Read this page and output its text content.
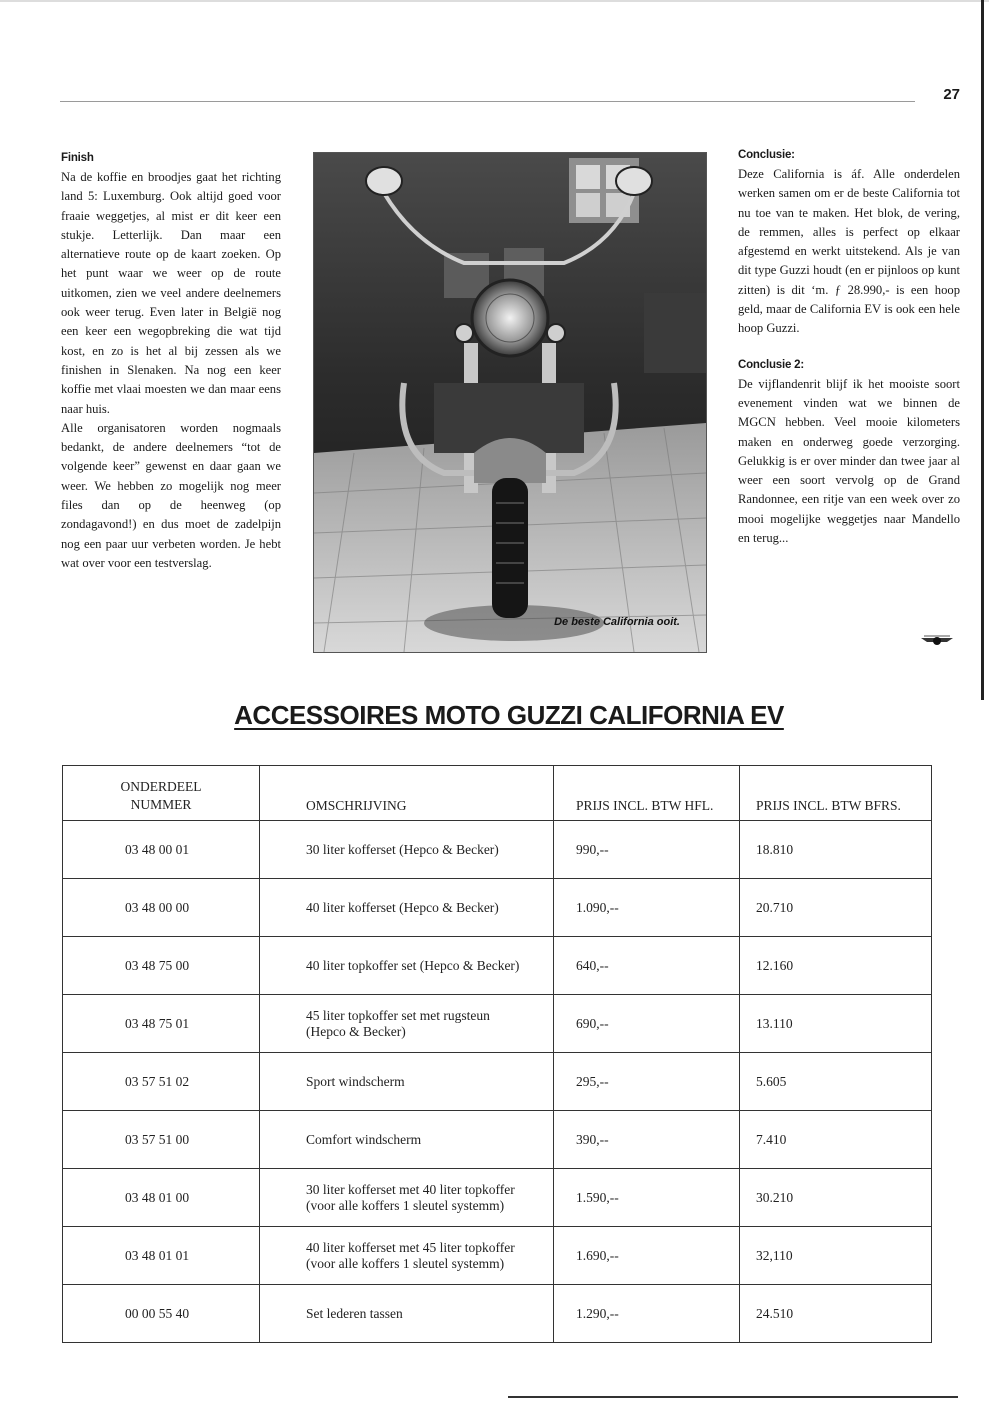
27
Finish

Na de koffie en broodjes gaat het richting land 5: Luxemburg. Ook altijd goed voor fraaie weggetjes, al mist er dit keer een stukje. Letterlijk. Dan maar een alternatieve route op de kaart zoeken. Op het punt waar we weer op de route uitkomen, zien we veel andere deelnemers ook weer terug. Even later in België nog een keer een wegopbreking die wat tijd kost, en zo is het al bij zessen als we finishen in Slenaken. Na nog een keer koffie met vlaai moesten we dan maar eens naar huis.

Alle organisatoren worden nogmaals bedankt, de andere deelnemers “tot de volgende keer” gewenst en daar gaan we weer. We hebben zo mogelijk nog meer files dan op de heenweg (op zondagavond!) en dus moet de zadelpijn nog een paar uur verbeten worden. Je hebt wat over voor een testverslag.

De beste California ooit.
Conclusie:

Deze California is áf. Alle onderdelen werken samen om er de beste California tot nu toe van te maken. Het blok, de vering, de remmen, alles is perfect op elkaar afgestemd en werkt uitstekend. Als je van dit type Guzzi houdt (en er pijnloos op kunt zitten) is dit ‘m. ƒ 28.990,- is een hoop geld, maar de California EV is ook een hele hoop Guzzi.

Conclusie 2:

De vijflandenrit blijf ik het mooiste soort evenement vinden wat we binnen de MGCN hebben. Veel mooie kilometers maken en onderweg goede verzorging. Gelukkig is er over minder dan twee jaar al weer een soort vervolg op de Grand Randonnee, een ritje van een week over zo mooi mogelijke weggetjes naar Mandello en terug...

ACCESSOIRES MOTO GUZZI CALIFORNIA EV
ONDERDEEL
NUMMER	OMSCHRIJVING	PRIJS INCL. BTW HFL.	PRIJS INCL. BTW BFRS.

03 48 00 01	30 liter kofferset (Hepco & Becker)	990,--	18.810

03 48 00 00	40 liter kofferset (Hepco & Becker)	1.090,--	20.710

03 48 75 00	40 liter topkoffer set (Hepco & Becker)	640,--	12.160

03 48 75 01	45 liter topkoffer set met rugsteun
(Hepco & Becker)	690,--	13.110

03 57 51 02	Sport windscherm	295,--	5.605

03 57 51 00	Comfort windscherm	390,--	7.410

03 48 01 00	30 liter kofferset met 40 liter topkoffer
(voor alle koffers 1 sleutel systemm)	1.590,--	30.210

03 48 01 01	40 liter kofferset met 45 liter topkoffer
(voor alle koffers 1 sleutel systemm)	1.690,--	32,110

00 00 55 40	Set lederen tassen	1.290,--	24.510
